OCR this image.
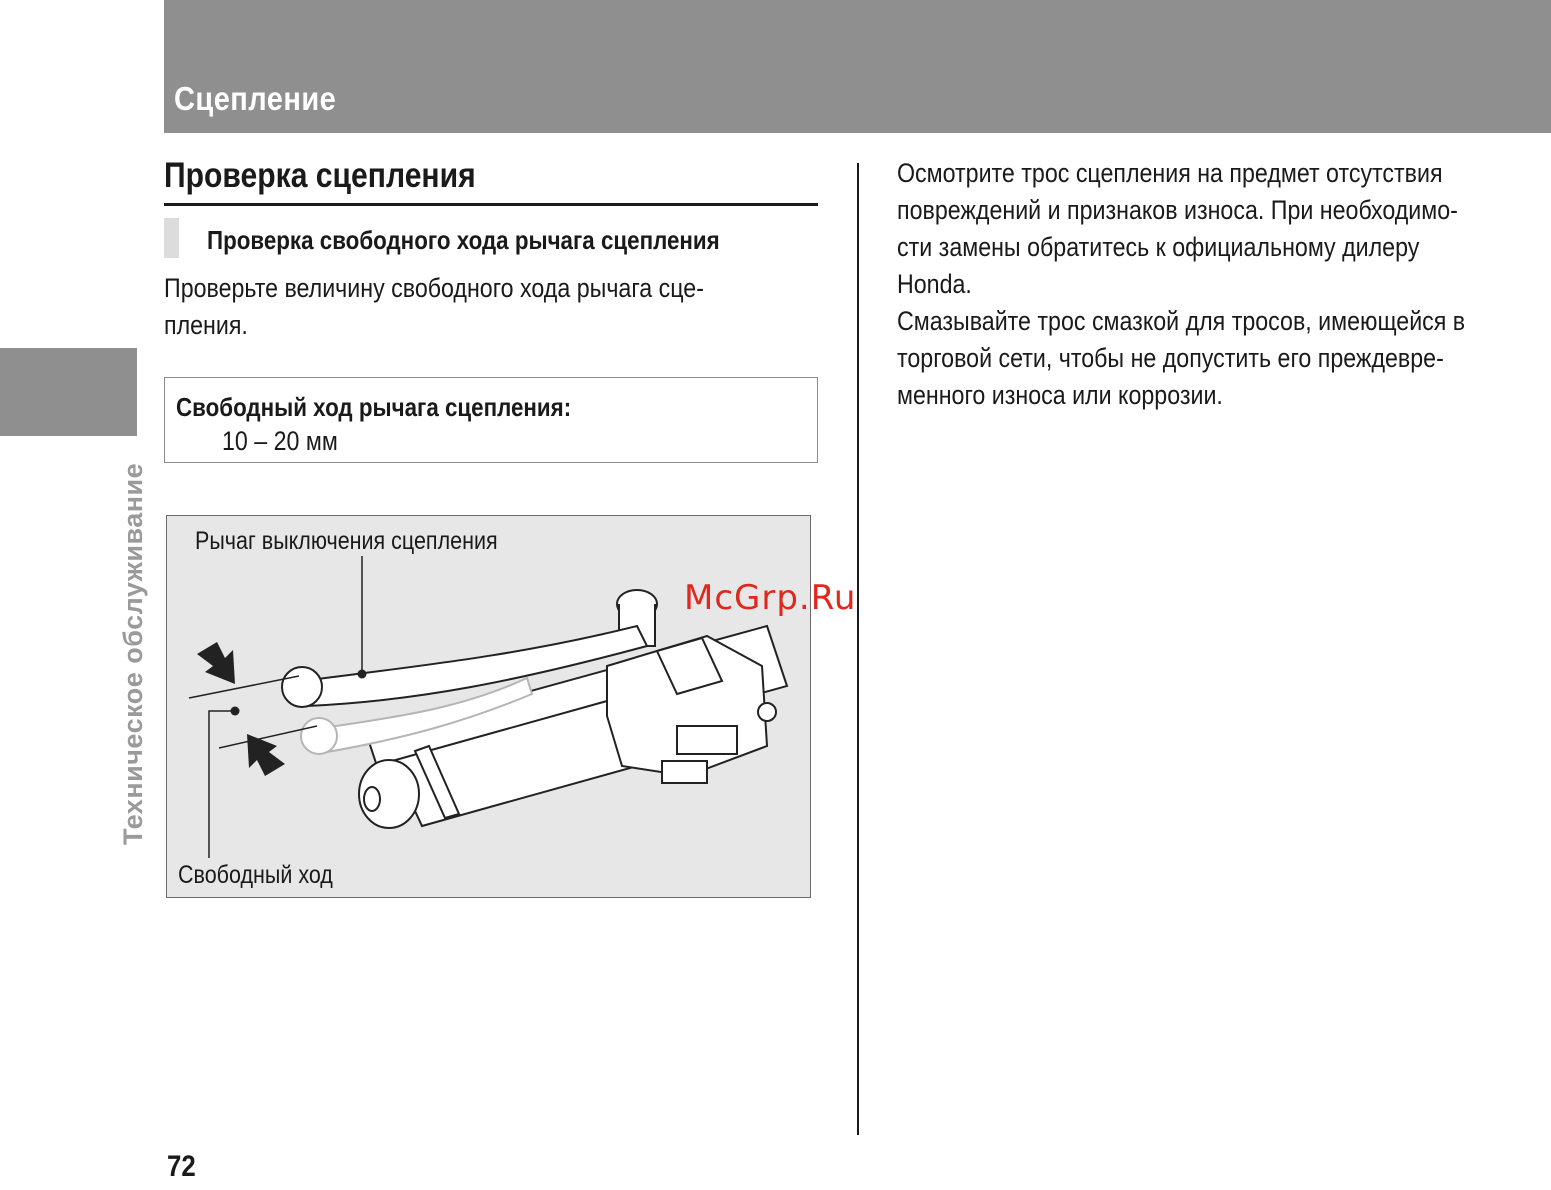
Сцепление
Техническое обслуживание
Проверка сцепления
Проверка свободного хода рычага сцепления
Проверьте величину свободного хода рычага сце-
пления.
Свободный ход рычага сцепления:
10 – 20 мм
Рычаг выключения сцепления
Свободный ход
Осмотрите трос сцепления на предмет отсутствия
повреждений и признаков износа. При необходимо-
сти замены обратитесь к официальному дилеру
Honda.
Смазывайте трос смазкой для тросов, имеющейся в
торговой сети, чтобы не допустить его преждевре-
менного износа или коррозии.
McGrp.Ru
72
